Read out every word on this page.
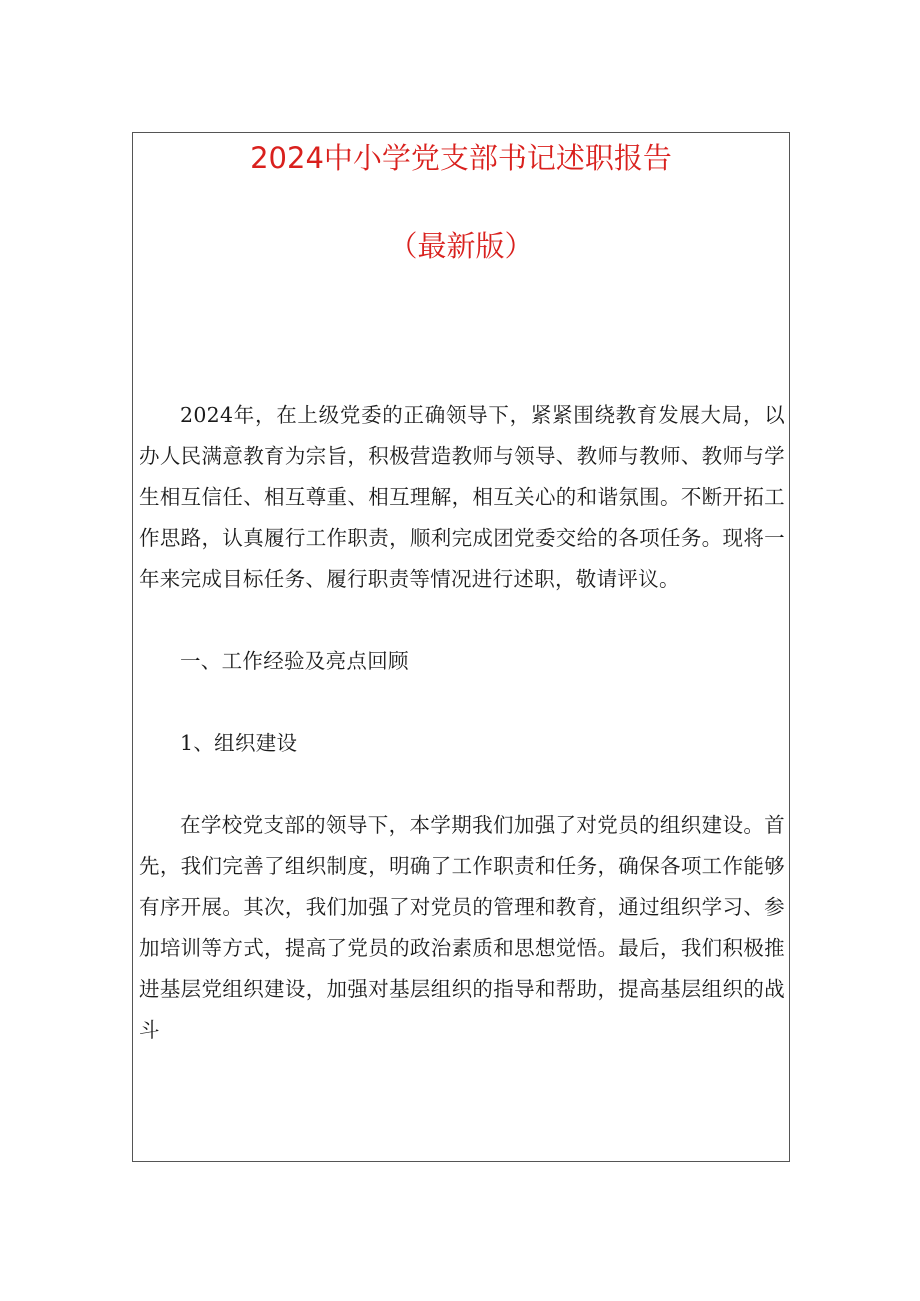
2024中小学党支部书记述职报告
（最新版）

2024年，在上级党委的正确领导下，紧紧围绕教育发展大局，以办人民满意教育为宗旨，积极营造教师与领导、教师与教师、教师与学生相互信任、相互尊重、相互理解，相互关心的和谐氛围。不断开拓工作思路，认真履行工作职责，顺利完成团党委交给的各项任务。现将一年来完成目标任务、履行职责等情况进行述职，敬请评议。

一、工作经验及亮点回顾

1、组织建设

在学校党支部的领导下，本学期我们加强了对党员的组织建设。首先，我们完善了组织制度，明确了工作职责和任务，确保各项工作能够有序开展。其次，我们加强了对党员的管理和教育，通过组织学习、参加培训等方式，提高了党员的政治素质和思想觉悟。最后，我们积极推进基层党组织建设，加强对基层组织的指导和帮助，提高基层组织的战斗
